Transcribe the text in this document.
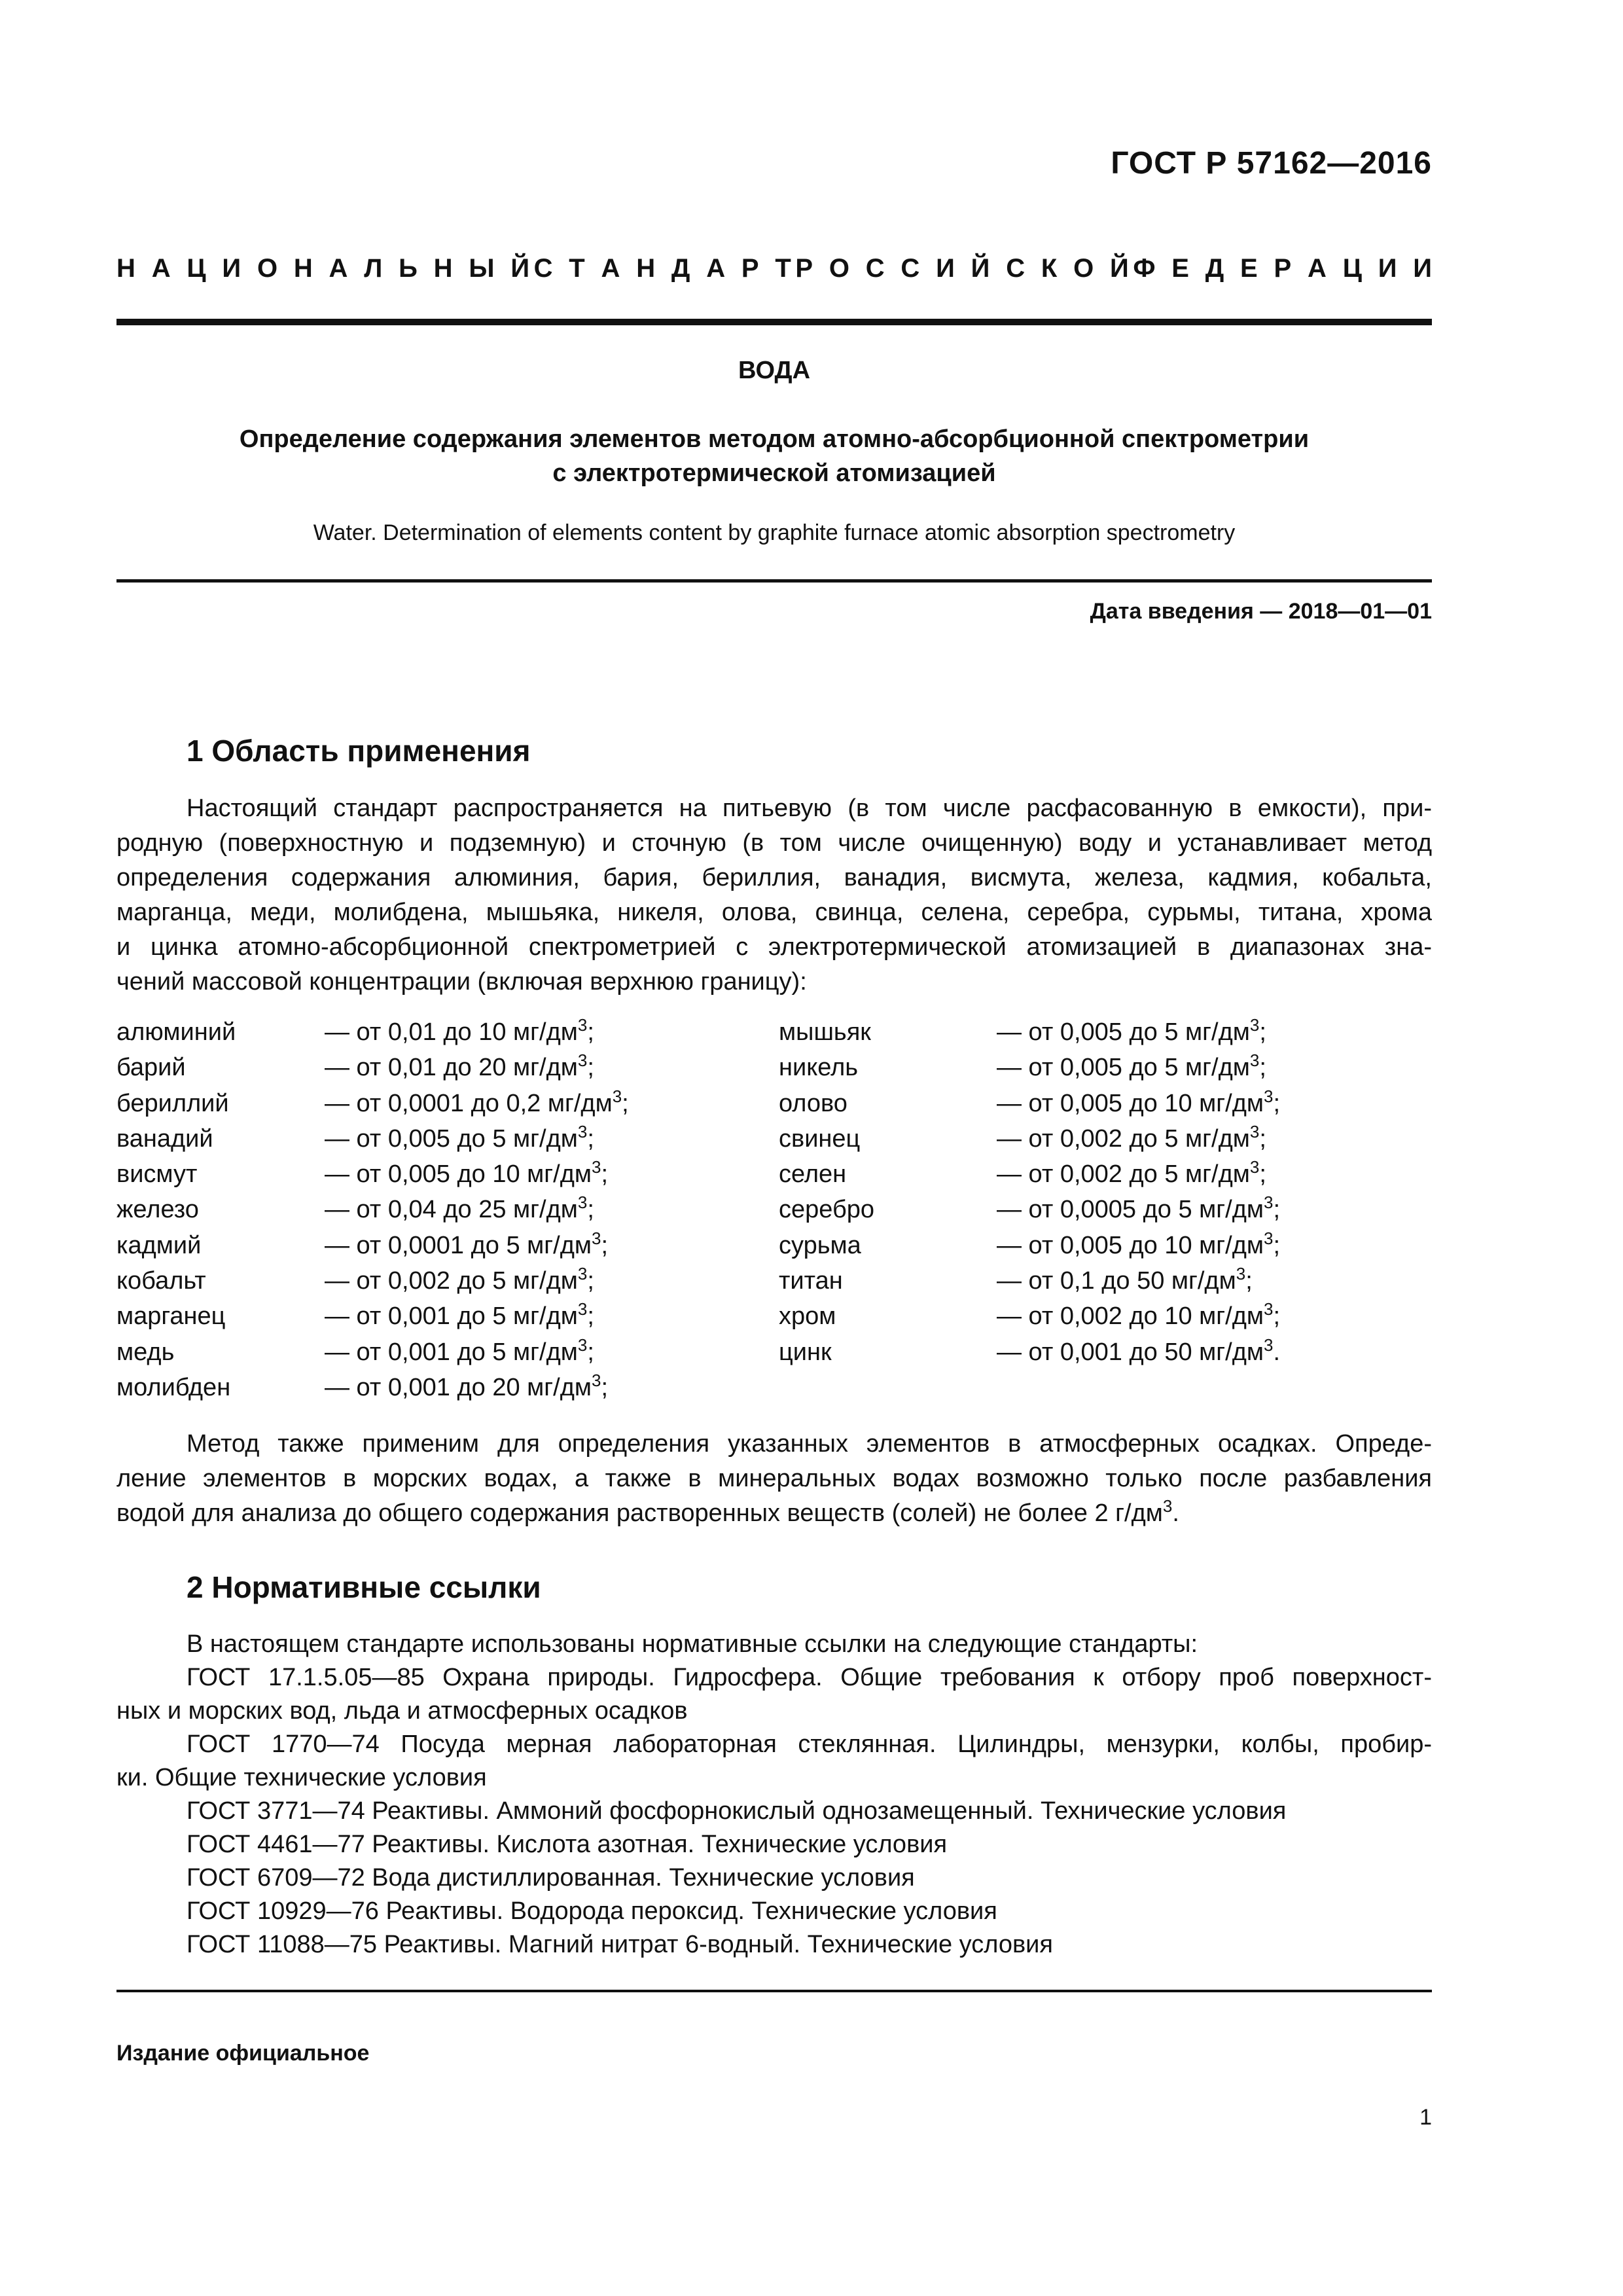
ГОСТ Р 57162—2016
Н А Ц И О Н А Л Ь Н Ы Й С Т А Н Д А Р Т Р О С С И Й С К О Й Ф Е Д Е Р А Ц И И
ВОДА
Определение содержания элементов методом атомно-абсорбционной спектрометрии
с электротермической атомизацией
Water. Determination of elements content by graphite furnace atomic absorption spectrometry
Дата введения — 2018—01—01
1 Область применения
Настоящий стандарт распространяется на питьевую (в том числе расфасованную в емкости), при-
родную (поверхностную и подземную) и сточную (в том числе очищенную) воду и устанавливает метод
определения содержания алюминия, бария, бериллия, ванадия, висмута, железа, кадмия, кобальта,
марганца, меди, молибдена, мышьяка, никеля, олова, свинца, селена, серебра, сурьмы, титана, хрома
и цинка атомно-абсорбционной спектрометрией с электротермической атомизацией в диапазонах зна-
чений массовой концентрации (включая верхнюю границу):
алюминий	— от 0,01 до 10 $мг/дм^3$;	мышьяк	— от 0,005 до 5 $мг/дм^3$;
барий	— от 0,01 до 20 $мг/дм^3$;	никель	— от 0,005 до 5 $мг/дм^3$;
бериллий	— от 0,0001 до 0,2 $мг/дм^3$;	олово	— от 0,005 до 10 $мг/дм^3$;
ванадий	— от 0,005 до 5 $мг/дм^3$;	свинец	— от 0,002 до 5 $мг/дм^3$;
висмут	— от 0,005 до 10 $мг/дм^3$;	селен	— от 0,002 до 5 $мг/дм^3$;
железо	— от 0,04 до 25 $мг/дм^3$;	серебро	— от 0,0005 до 5 $мг/дм^3$;
кадмий	— от 0,0001 до 5 $мг/дм^3$;	сурьма	— от 0,005 до 10 $мг/дм^3$;
кобальт	— от 0,002 до 5 $мг/дм^3$;	титан	— от 0,1 до 50 $мг/дм^3$;
марганец	— от 0,001 до 5 $мг/дм^3$;	хром	— от 0,002 до 10 $мг/дм^3$;
медь	— от 0,001 до 5 $мг/дм^3$;	цинк	— от 0,001 до 50 $мг/дм^3$.
молибден	— от 0,001 до 20 $мг/дм^3$;
Метод также применим для определения указанных элементов в атмосферных осадках. Опреде-
ление элементов в морских водах, а также в минеральных водах возможно только после разбавления
водой для анализа до общего содержания растворенных веществ (солей) не более 2 $г/дм^3$.
2 Нормативные ссылки
В настоящем стандарте использованы нормативные ссылки на следующие стандарты:
ГОСТ 17.1.5.05—85 Охрана природы. Гидросфера. Общие требования к отбору проб поверхност-
ных и морских вод, льда и атмосферных осадков
ГОСТ 1770—74 Посуда мерная лабораторная стеклянная. Цилиндры, мензурки, колбы, пробир-
ки. Общие технические условия
ГОСТ 3771—74 Реактивы. Аммоний фосфорнокислый однозамещенный. Технические условия
ГОСТ 4461—77 Реактивы. Кислота азотная. Технические условия
ГОСТ 6709—72 Вода дистиллированная. Технические условия
ГОСТ 10929—76 Реактивы. Водорода пероксид. Технические условия
ГОСТ 11088—75 Реактивы. Магний нитрат 6-водный. Технические условия
Издание официальное
1
